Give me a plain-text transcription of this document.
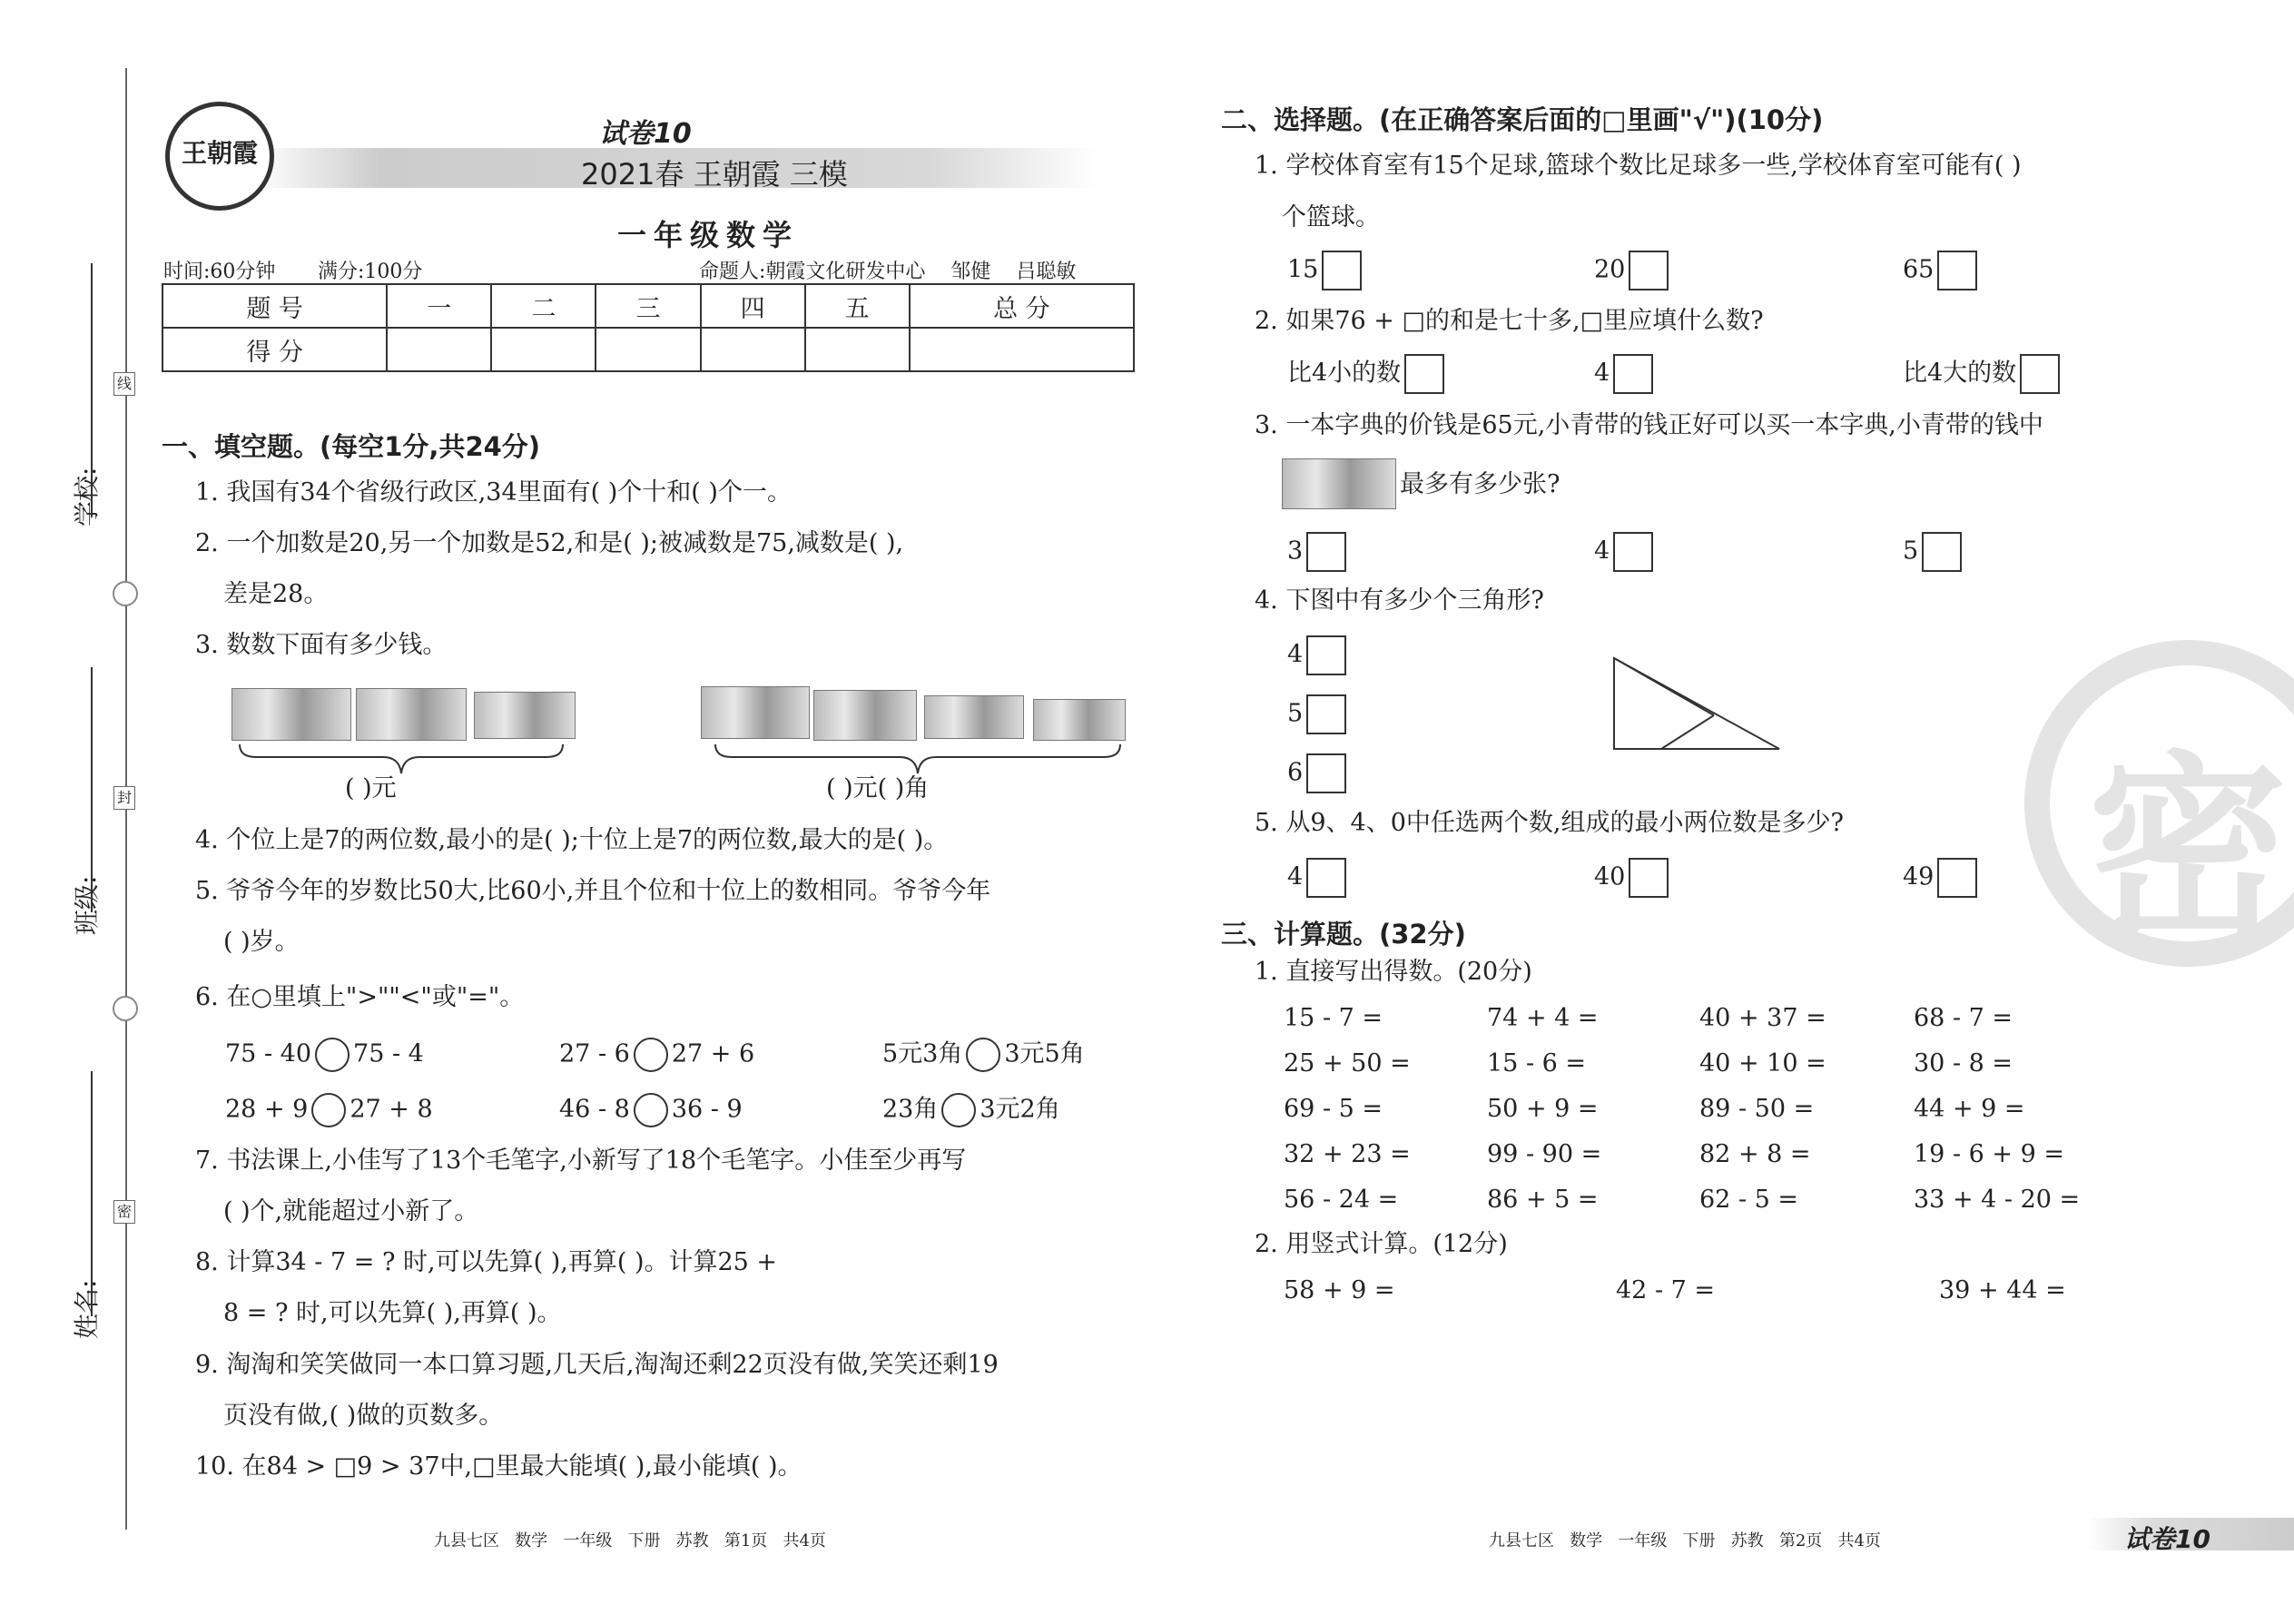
线
封
密
学校:
班级:
姓名:
王朝霞
试卷10
2021春 王朝霞 三模
一年级数学
时间:60分钟 满分:100分	命题人:朝霞文化研发中心    邹健    吕聪敏
题 号	一	二	三	四	五	总 分
得 分						
一、填空题。(每空1分,共24分)
1. 我国有34个省级行政区,34里面有( )个十和( )个一。
2. 一个加数是20,另一个加数是52,和是( );被减数是75,减数是( ),
差是28。
3. 数数下面有多少钱。
( )元	( )元( )角
4. 个位上是7的两位数,最小的是( );十位上是7的两位数,最大的是( )。
5. 爷爷今年的岁数比50大,比60小,并且个位和十位上的数相同。爷爷今年
( )岁。
6. 在○里填上">""<"或"="。
75 - 40 75 - 4	27 - 6 27 + 6	5元3角 3元5角
28 + 9 27 + 8	46 - 8 36 - 9	23角 3元2角
7. 书法课上,小佳写了13个毛笔字,小新写了18个毛笔字。小佳至少再写
( )个,就能超过小新了。
8. 计算34 - 7 = ? 时,可以先算( ),再算( )。计算25 +
8 = ? 时,可以先算( ),再算( )。
9. 淘淘和笑笑做同一本口算习题,几天后,淘淘还剩22页没有做,笑笑还剩19
页没有做,( )做的页数多。
10. 在84 > □9 > 37中,□里最大能填( ),最小能填( )。
九县七区   数学   一年级   下册   苏教   第1页   共4页
二、选择题。(在正确答案后面的□里画"√")(10分)
1. 学校体育室有15个足球,篮球个数比足球多一些,学校体育室可能有( )
个篮球。
15	20	65
2. 如果76 + □的和是七十多,□里应填什么数?
比4小的数	4	比4大的数
3. 一本字典的价钱是65元,小青带的钱正好可以买一本字典,小青带的钱中
最多有多少张?
3	4	5
4. 下图中有多少个三角形?
4
5
6
5. 从9、4、0中任选两个数,组成的最小两位数是多少?
4	40	49
三、计算题。(32分)
1. 直接写出得数。(20分)
15 - 7 =	74 + 4 =	40 + 37 =	68 - 7 =
25 + 50 =	15 - 6 =	40 + 10 =	30 - 8 =
69 - 5 =	50 + 9 =	89 - 50 =	44 + 9 =
32 + 23 =	99 - 90 =	82 + 8 =	19 - 6 + 9 =
56 - 24 =	86 + 5 =	62 - 5 =	33 + 4 - 20 =
2. 用竖式计算。(12分)
58 + 9 =	42 - 7 =	39 + 44 =
密
九县七区   数学   一年级   下册   苏教   第2页   共4页	试卷10
